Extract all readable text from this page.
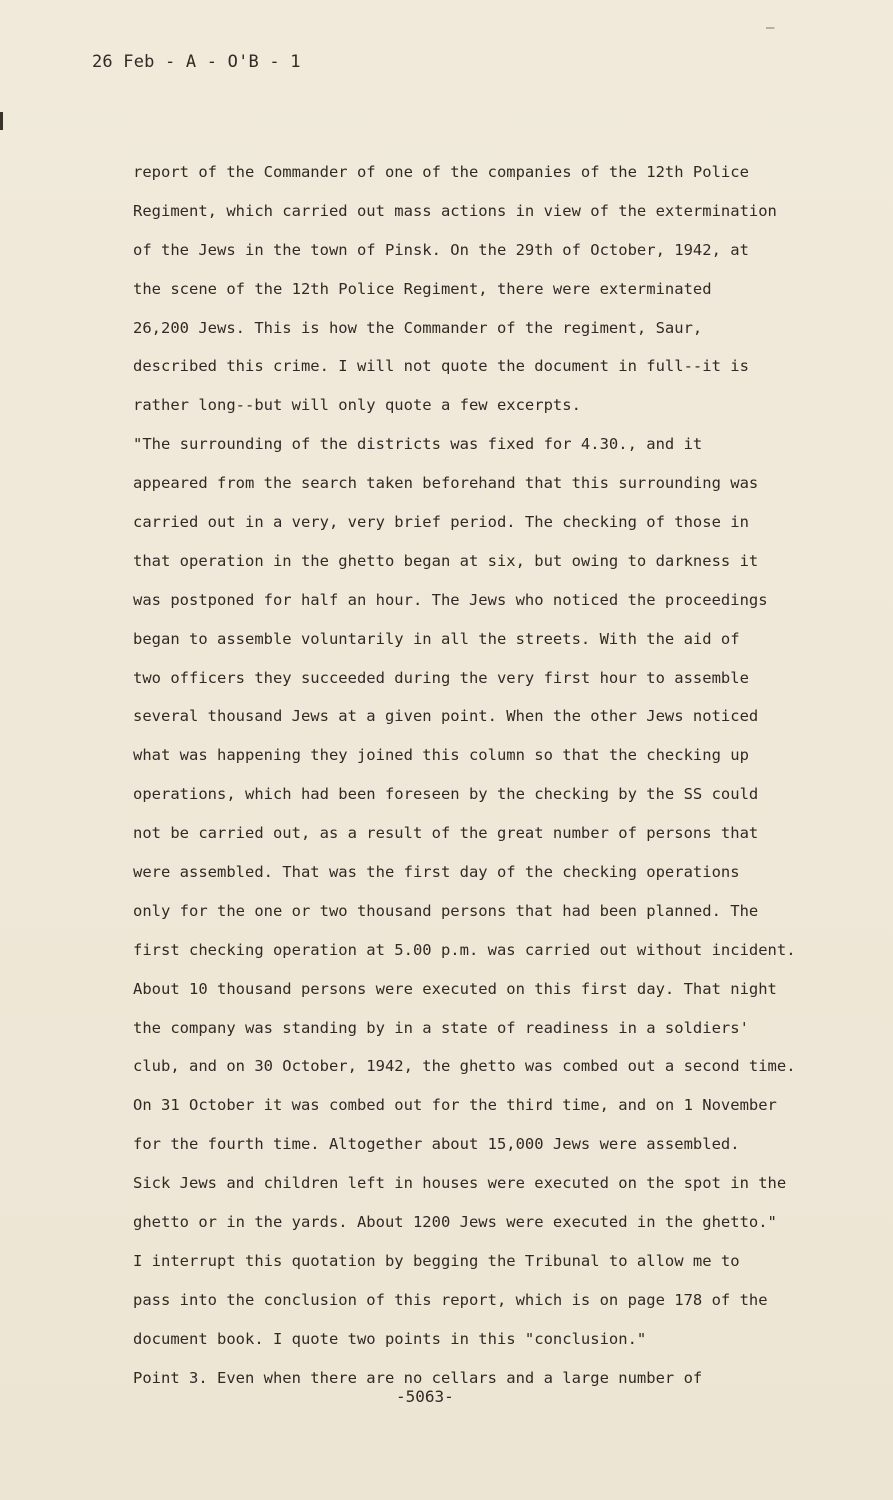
—
26 Feb - A - O'B - 1
report of the Commander of one of the companies of the 12th Police
Regiment, which carried out mass actions in view of the extermination
of the Jews in the town of Pinsk. On the 29th of October, 1942, at
the scene of the 12th Police Regiment, there were exterminated
26,200 Jews. This is how the Commander of the regiment, Saur,
described this crime. I will not quote the document in full--it is
rather long--but will only quote a few excerpts.
"The surrounding of the districts was fixed for 4.30., and it
appeared from the search taken beforehand that this surrounding was
carried out in a very, very brief period. The checking of those in
that operation in the ghetto began at six, but owing to darkness it
was postponed for half an hour. The Jews who noticed the proceedings
began to assemble voluntarily in all the streets. With the aid of
two officers they succeeded during the very first hour to assemble
several thousand Jews at a given point. When the other Jews noticed
what was happening they joined this column so that the checking up
operations, which had been foreseen by the checking by the SS could
not be carried out, as a result of the great number of persons that
were assembled. That was the first day of the checking operations
only for the one or two thousand persons that had been planned. The
first checking operation at 5.00 p.m. was carried out without incident.
About 10 thousand persons were executed on this first day. That night
the company was standing by in a state of readiness in a soldiers'
club, and on 30 October, 1942, the ghetto was combed out a second time.
On 31 October it was combed out for the third time, and on 1 November
for the fourth time. Altogether about 15,000 Jews were assembled.
Sick Jews and children left in houses were executed on the spot in the
ghetto or in the yards. About 1200 Jews were executed in the ghetto."
I interrupt this quotation by begging the Tribunal to allow me to
pass into the conclusion of this report, which is on page 178 of the
document book. I quote two points in this "conclusion."
Point 3. Even when there are no cellars and a large number of
-5063-
